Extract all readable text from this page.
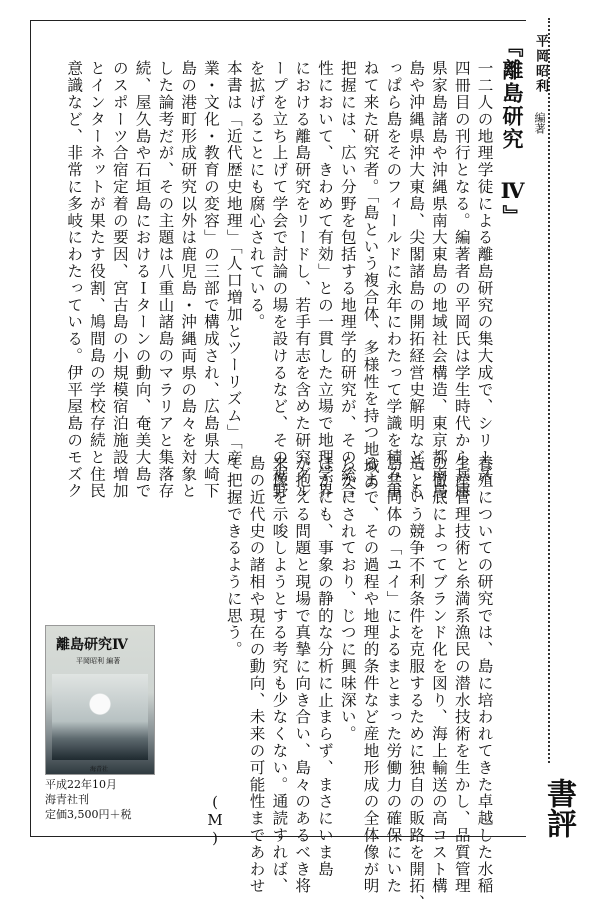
平岡昭利
編著
『離島研究 Ⅳ』
一二人の地理学徒による離島研究の集大成で、シリーズ
四冊目の刊行となる。編著者の平岡氏は学生時代から兵庫
県家島諸島や沖縄県南大東島の地域社会構造、東京都南鳥
島や沖縄県沖大東島、尖閣諸島の開拓経営史解明など、も
っぱら島をそのフィールドに永年にわたって学識を積み重
ねて来た研究者。「島という複合体、多様性を持つ地域の
把握には、広い分野を包括する地理学的研究が、その総合
性において、きわめて有効」との一貫した立場で地理学界
における離島研究をリードし、若手有志を含めた研究グル
ープを立ち上げて学会で討論の場を設けるなど、その裾野
を拡げることにも腐心されている。
本書は「近代歴史地理」「人口増加とツーリズム」「産
業・文化・教育の変容」の三部で構成され、広島県大崎下
島の港町形成研究以外は鹿児島・沖縄両県の島々を対象と
した論考だが、その主題は八重山諸島のマラリアと集落存
続、屋久島や石垣島におけるＩターンの動向、奄美大島で
のスポーツ合宿定着の要因、宮古島の小規模宿泊施設増加
とインターネットが果たす役割、鳩間島の学校存続と住民
意識など、非常に多岐にわたっている。伊平屋島のモズク
養殖についての研究では、島に培われてきた卓越した水稲
生産管理技術と糸満系漁民の潜水技術を生かし、品質管理
の徹底によってブランド化を図り、海上輸送の高コスト構
造という競争不利条件を克服するために独自の販路を開拓、
島共同体の「ユイ」によるまとまった労働力の確保にいた
るまで、その過程や地理的条件など産地形成の全体像が明
らかにされており、じつに興味深い。
ほかにも、事象の静的な分析に止まらず、まさにいま島
が抱える問題と現場で真摯に向き合い、島々のあるべき将
来像を示唆しようとする考究も少なくない。通読すれば、
島の近代史の諸相や現在の動向、未来の可能性まであわせ
て把握できるように思う。
(M)
離島研究Ⅳ
平岡昭利 編著
海青社
平成22年10月
海青社刊
定価3,500円＋税	書評
